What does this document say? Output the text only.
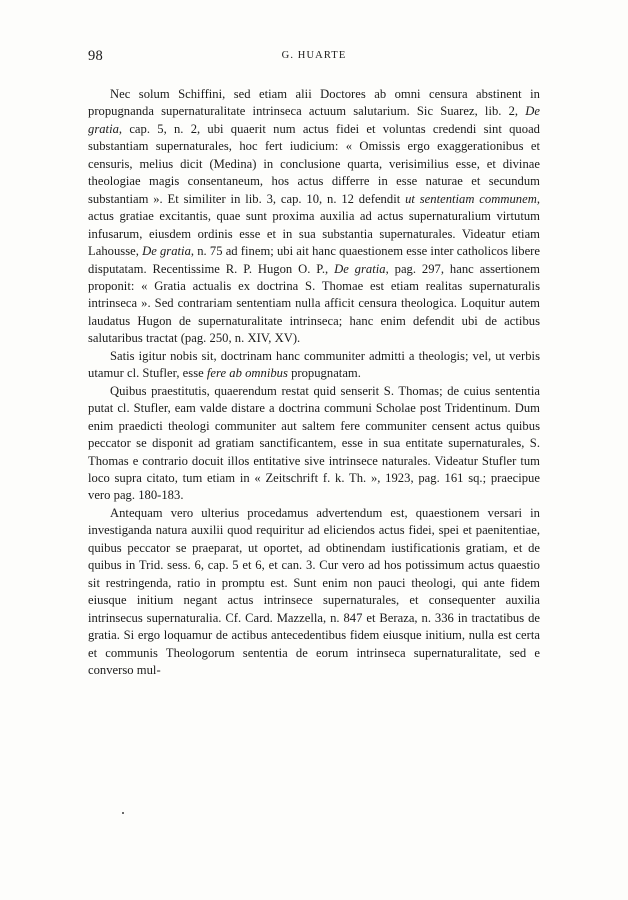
98	G. HUARTE

Nec solum Schiffini, sed etiam alii Doctores ab omni censura abstinent in propugnanda supernaturalitate intrinseca actuum salutarium. Sic Suarez, lib. 2, De gratia, cap. 5, n. 2, ubi quaerit num actus fidei et voluntas credendi sint quoad substantiam supernaturales, hoc fert iudicium: « Omissis ergo exaggerationibus et censuris, melius dicit (Medina) in conclusione quarta, verisimilius esse, et divinae theologiae magis consentaneum, hos actus differre in esse naturae et secundum substantiam ». Et similiter in lib. 3, cap. 10, n. 12 defendit ut sententiam communem, actus gratiae excitantis, quae sunt proxima auxilia ad actus supernaturalium virtutum infusarum, eiusdem ordinis esse et in sua substantia supernaturales. Videatur etiam Lahousse, De gratia, n. 75 ad finem; ubi ait hanc quaestionem esse inter catholicos libere disputatam. Recentissime R. P. Hugon O. P., De gratia, pag. 297, hanc assertionem proponit: « Gratia actualis ex doctrina S. Thomae est etiam realitas supernaturalis intrinseca ». Sed contrariam sententiam nulla afficit censura theologica. Loquitur autem laudatus Hugon de supernaturalitate intrinseca; hanc enim defendit ubi de actibus salutaribus tractat (pag. 250, n. XIV, XV).

Satis igitur nobis sit, doctrinam hanc communiter admitti a theologis; vel, ut verbis utamur cl. Stufler, esse fere ab omnibus propugnatam.

Quibus praestitutis, quaerendum restat quid senserit S. Thomas; de cuius sententia putat cl. Stufler, eam valde distare a doctrina communi Scholae post Tridentinum. Dum enim praedicti theologi communiter aut saltem fere communiter censent actus quibus peccator se disponit ad gratiam sanctificantem, esse in sua entitate supernaturales, S. Thomas e contrario docuit illos entitative sive intrinsece naturales. Videatur Stufler tum loco supra citato, tum etiam in « Zeitschrift f. k. Th. », 1923, pag. 161 sq.; praecipue vero pag. 180-183.

Antequam vero ulterius procedamus advertendum est, quaestionem versari in investiganda natura auxilii quod requiritur ad eliciendos actus fidei, spei et paenitentiae, quibus peccator se praeparat, ut oportet, ad obtinendam iustificationis gratiam, et de quibus in Trid. sess. 6, cap. 5 et 6, et can. 3. Cur vero ad hos potissimum actus quaestio sit restringenda, ratio in promptu est. Sunt enim non pauci theologi, qui ante fidem eiusque initium negant actus intrinsece supernaturales, et consequenter auxilia intrinsecus supernaturalia. Cf. Card. Mazzella, n. 847 et Beraza, n. 336 in tractatibus de gratia. Si ergo loquamur de actibus antecedentibus fidem eiusque initium, nulla est certa et communis Theologorum sententia de eorum intrinseca supernaturalitate, sed e converso mul-
